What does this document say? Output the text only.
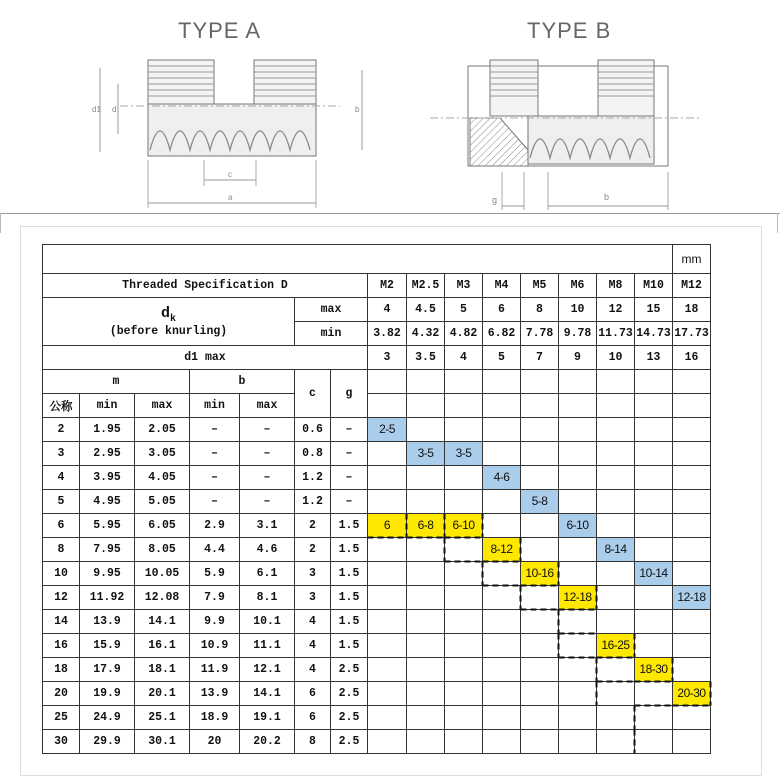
TYPE A	TYPE B
d1 d	b
c
a	g	b
															mm
Threaded Specification D							M2	M2.5	M3	M4	M5	M6	M8	M10	M12

$d_k$
(before knurling)					max		4	4.5	5	6	8	10	12	15	18
					min		3.82	4.32	4.82	6.82	7.78	9.78	11.73	14.73	17.73
d1 max							3	3.5	4	5	7	9	10	13	16
m			b		c	g									
公称	min	max	min	max											
2	1.95	2.05	–	–	0.6	–	2-5								
3	2.95	3.05	–	–	0.8	–		3-5	3-5						
4	3.95	4.05	–	–	1.2	–				4-6					
5	4.95	5.05	–	–	1.2	–					5-8				
6	5.95	6.05	2.9	3.1	2	1.5	6	6-8	6-10			6-10			
8	7.95	8.05	4.4	4.6	2	1.5				8-12			8-14		
10	9.95	10.05	5.9	6.1	3	1.5					10-16			10-14	
12	11.92	12.08	7.9	8.1	3	1.5						12-18			12-18
14	13.9	14.1	9.9	10.1	4	1.5									
16	15.9	16.1	10.9	11.1	4	1.5							16-25		
18	17.9	18.1	11.9	12.1	4	2.5								18-30	
20	19.9	20.1	13.9	14.1	6	2.5									20-30
25	24.9	25.1	18.9	19.1	6	2.5									
30	29.9	30.1	20	20.2	8	2.5									
